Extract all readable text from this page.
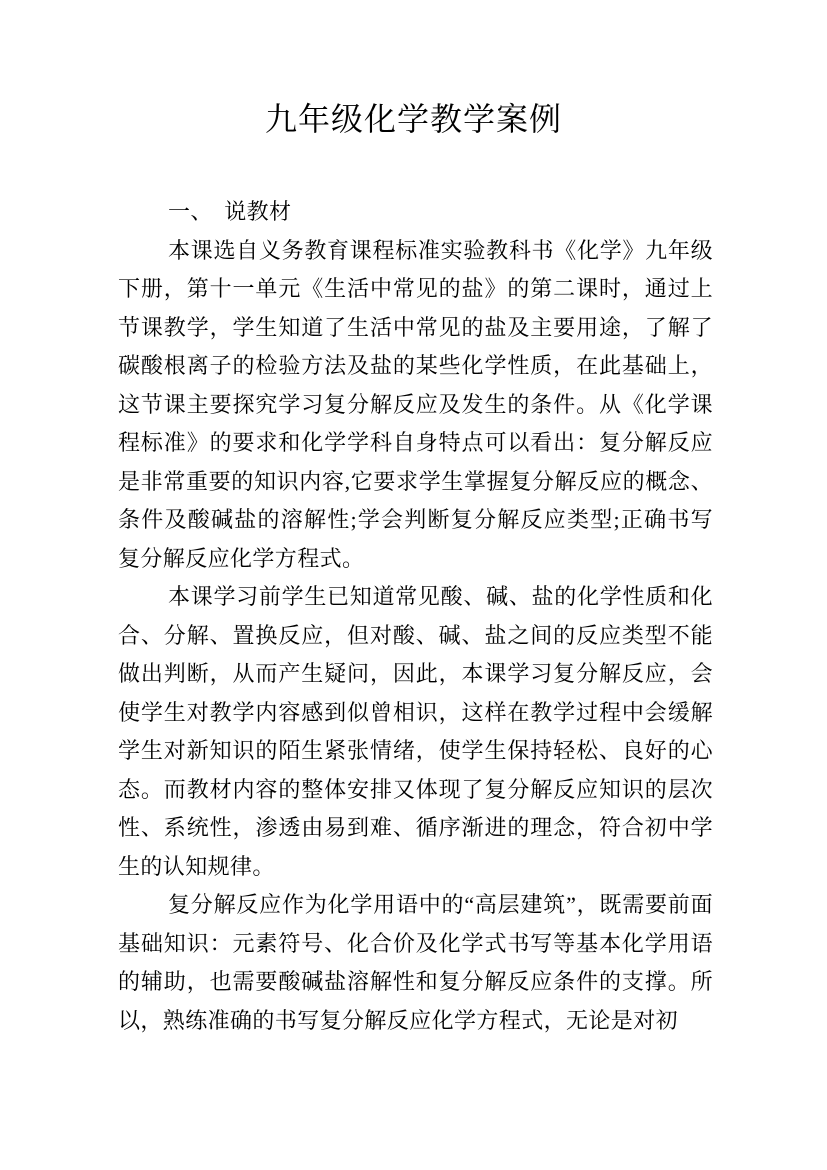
九年级化学教学案例

一、　说教材

本课选自义务教育课程标准实验教科书《化学》九年级下册，第十一单元《生活中常见的盐》的第二课时，通过上节课教学，学生知道了生活中常见的盐及主要用途，了解了碳酸根离子的检验方法及盐的某些化学性质，在此基础上，这节课主要探究学习复分解反应及发生的条件。从《化学课程标准》的要求和化学学科自身特点可以看出：复分解反应是非常重要的知识内容,它要求学生掌握复分解反应的概念、条件及酸碱盐的溶解性;学会判断复分解反应类型;正确书写复分解反应化学方程式。

本课学习前学生已知道常见酸、碱、盐的化学性质和化合、分解、置换反应，但对酸、碱、盐之间的反应类型不能做出判断，从而产生疑问，因此，本课学习复分解反应，会使学生对教学内容感到似曾相识，这样在教学过程中会缓解学生对新知识的陌生紧张情绪，使学生保持轻松、良好的心态。而教材内容的整体安排又体现了复分解反应知识的层次性、系统性，渗透由易到难、循序渐进的理念，符合初中学生的认知规律。

复分解反应作为化学用语中的“高层建筑”，既需要前面基础知识：元素符号、化合价及化学式书写等基本化学用语的辅助，也需要酸碱盐溶解性和复分解反应条件的支撑。所以，熟练准确的书写复分解反应化学方程式，无论是对初
